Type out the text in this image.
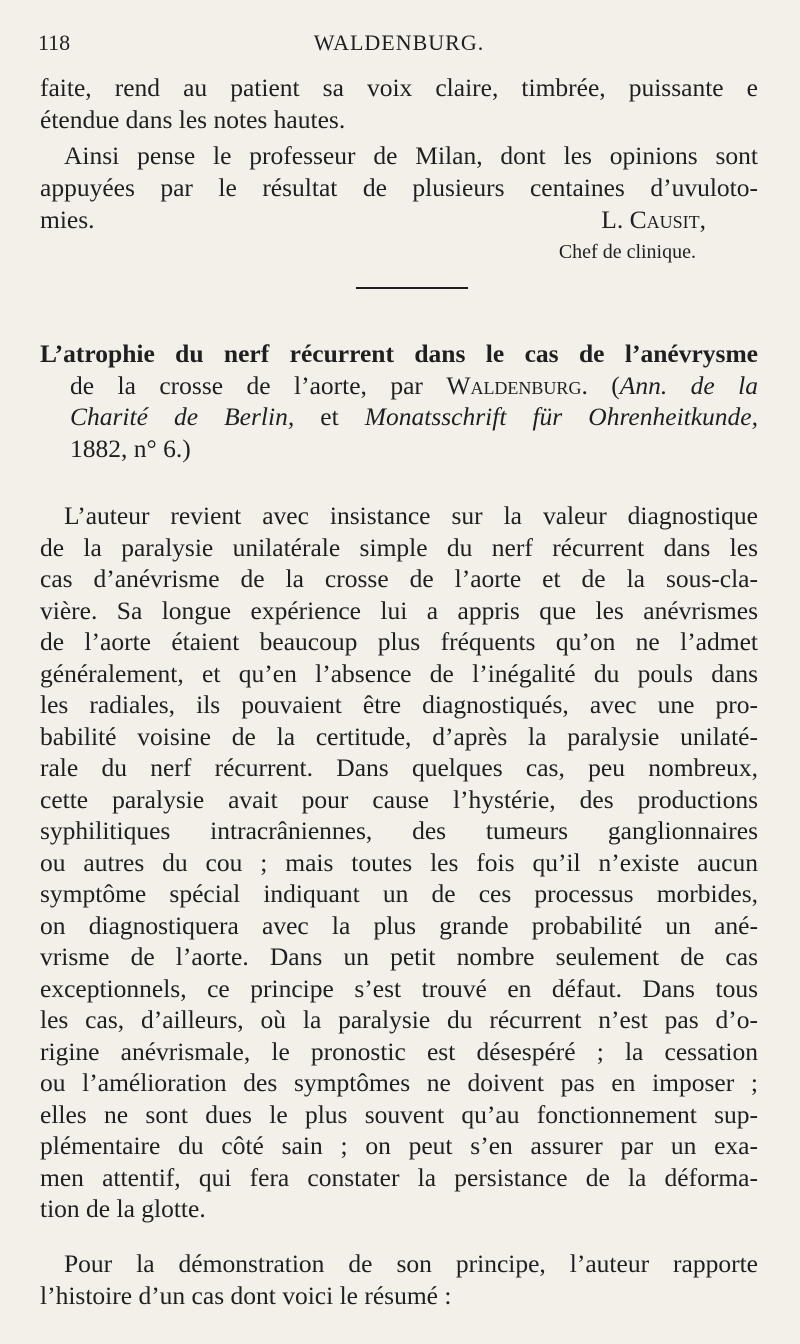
118	WALDENBURG.
faite, rend au patient sa voix claire, timbrée, puissante e
étendue dans les notes hautes.
Ainsi pense le professeur de Milan, dont les opinions sont
appuyées par le résultat de plusieurs centaines d’uvuloto-
mies.	L. Causit,
Chef de clinique.
L’atrophie du nerf récurrent dans le cas de l’anévrysme
de la crosse de l’aorte, par Waldenburg. (Ann. de la
Charité de Berlin, et Monatsschrift für Ohrenheitkunde,
1882, n° 6.)
L’auteur revient avec insistance sur la valeur diagnostique
de la paralysie unilatérale simple du nerf récurrent dans les
cas d’anévrisme de la crosse de l’aorte et de la sous-cla-
vière. Sa longue expérience lui a appris que les anévrismes
de l’aorte étaient beaucoup plus fréquents qu’on ne l’admet
généralement, et qu’en l’absence de l’inégalité du pouls dans
les radiales, ils pouvaient être diagnostiqués, avec une pro-
babilité voisine de la certitude, d’après la paralysie unilaté-
rale du nerf récurrent. Dans quelques cas, peu nombreux,
cette paralysie avait pour cause l’hystérie, des productions
syphilitiques intracrâniennes, des tumeurs ganglionnaires
ou autres du cou ; mais toutes les fois qu’il n’existe aucun
symptôme spécial indiquant un de ces processus morbides,
on diagnostiquera avec la plus grande probabilité un ané-
vrisme de l’aorte. Dans un petit nombre seulement de cas
exceptionnels, ce principe s’est trouvé en défaut. Dans tous
les cas, d’ailleurs, où la paralysie du récurrent n’est pas d’o-
rigine anévrismale, le pronostic est désespéré ; la cessation
ou l’amélioration des symptômes ne doivent pas en imposer ;
elles ne sont dues le plus souvent qu’au fonctionnement sup-
plémentaire du côté sain ; on peut s’en assurer par un exa-
men attentif, qui fera constater la persistance de la déforma-
tion de la glotte.
Pour la démonstration de son principe, l’auteur rapporte
l’histoire d’un cas dont voici le résumé :
